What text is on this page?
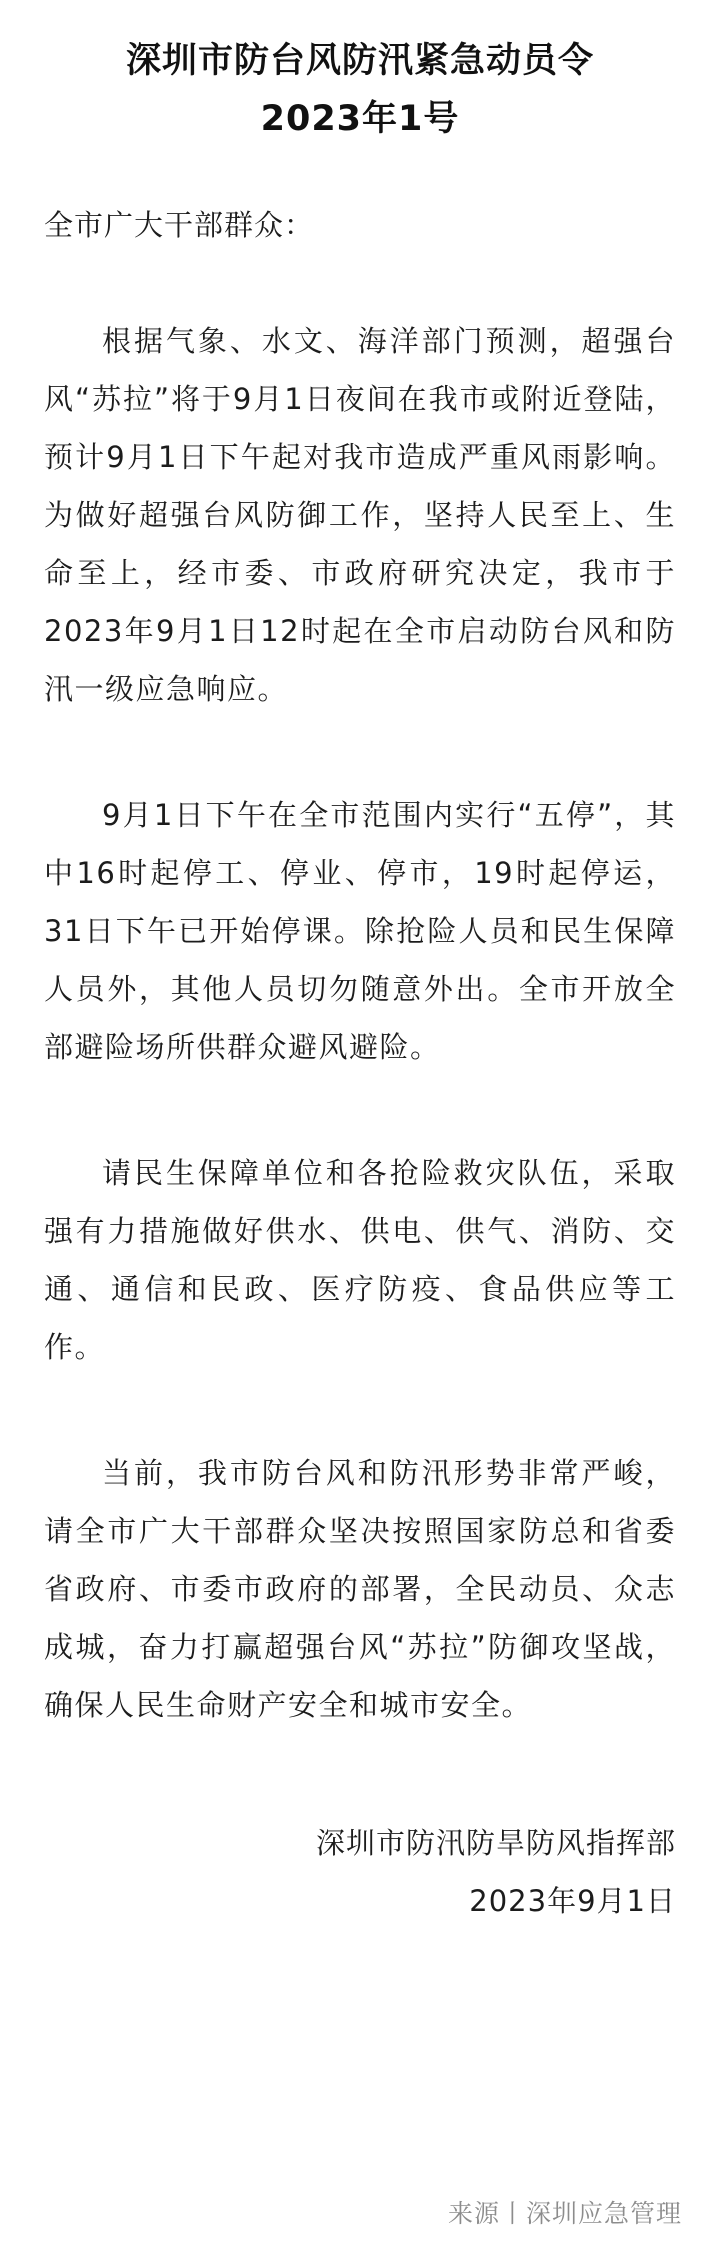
深圳市防台风防汛紧急动员令
2023年1号
全市广大干部群众：
根据气象、水文、海洋部门预测，超强台风“苏拉”将于9月1日夜间在我市或附近登陆，预计9月1日下午起对我市造成严重风雨影响。为做好超强台风防御工作，坚持人民至上、生命至上，经市委、市政府研究决定，我市于2023年9月1日12时起在全市启动防台风和防汛一级应急响应。
9月1日下午在全市范围内实行“五停”，其中16时起停工、停业、停市，19时起停运，31日下午已开始停课。除抢险人员和民生保障人员外，其他人员切勿随意外出。全市开放全部避险场所供群众避风避险。
请民生保障单位和各抢险救灾队伍，采取强有力措施做好供水、供电、供气、消防、交通、通信和民政、医疗防疫、食品供应等工作。
当前，我市防台风和防汛形势非常严峻，请全市广大干部群众坚决按照国家防总和省委省政府、市委市政府的部署，全民动员、众志成城，奋力打赢超强台风“苏拉”防御攻坚战，确保人民生命财产安全和城市安全。
深圳市防汛防旱防风指挥部
2023年9月1日
来源丨深圳应急管理
